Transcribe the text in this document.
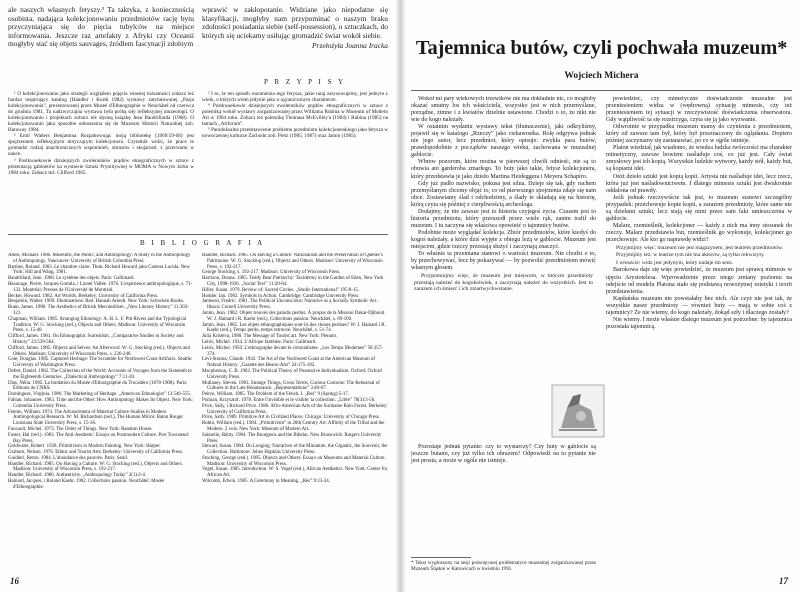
ale naszych własnych fetyszy.³ Ta taktyka, z koniecznością osobista, nadająca kolekcjonowaniu przedmiotów rację bytu przyczyniająca się do pięcia tubylców na miejsce informowania. Jeszcze raz artefakty z Afryki czy Oceanii mogłyby stać się objets sauvages, źródłem fascynacji zdolnym

wprawić w zakłopotanie. Widziane jako niepodatne się klasyfikacji, mogłyby nam przypominać o naszym braku zdolności posiadania siebie (self-possession), o sztuczkach, do których się uciekamy usiłując gromadzić świat wokół siebie.

Przełożyła Joanna Iracka

P R Z Y P I S Y

¹ O kolekcjonowaniu jako strategii względem pojęcia własnej tożsamości zobacz też bardzo inspirujący katalog (Handler i Kurth 1982) wystawy zatytułowanej „Pasja kolekcjonowania”, prezentowanej przez Museé d'Ethnographie w Neuchâtel od czerwca do grudnia 1981. Ta nadzwyczajna wystawa była próbą siły refleksyjnej muzeologii. O kolekcjonowaniu i projektach zobacz też słynną książkę Jean Baudrillarda (1968). O kolekcjonowaniu jako sposobie odnoszenia się do Muzeum Historii Naturalnej zob. Haraway 1984.

² Emil Walters Benjamina Rozpakowując moją bibliotekę (1969:59-68) jest spojrzeniem refleksyjnym dotyczącym kolekcjonera. Czytelnik widzi, że prace te gromadzi rodzaj anachronicznych wspomnień, obrazów i skojarzeń, z przerwami w nauce.

³ Postkwaekowie dzisiejszych zwolenników prądów etnograficznych w sztuce z prezentacją gabinetów na wystawie Sztuki Prymitywnej w MOMA w Nowym Jorku w 1984 roku. Zobacz też: Clifford 1985.

³ I to, że ten sposób rozumienia tego fetysza, jakie tutaj zarysowujemy, jest jednym z wielu, o których wiem jedynie jako o ograniczonym charakterze.

⁴ Postkwaekowie dzisiejszych zwolenników prądów etnograficznych w sztuce z polemiką wokół wystawy zorganizowanej przez Williama Rubina w Museum of Modern Art w 1984 roku. Zobacz też polemikę Thomasa McEvilley'a (1984) i Rubina (1985) na łamach „Artforum”.

⁵ Paradoksalne przedstawienie problemu przedmiotu kolekcjonerskiego jako fetysza w nowoczesnej kulturze Zachodu zob. Pietz (1985, 1987) oraz Jamin (1985).

B I B L I O G R A F I A

Ames, Michael. 1986. Museums, the Public, and Anthropology: A Study in the Anthropology of Anthropology. Vancouver: University of British Columbia Press.

Barthes, Roland. 1983. Le chambre claire. Tłum. Richard Howard jako Camera Lucida. New York: Hill and Wang, 1981.

Baudrillard, Jean. 1968. Le système des objets. Paris: Gallimard.

Beaucage, Pierre, Jacques Gomila, i Lionel Vallée. 1976. L'expérience anthropologique, s. 71-133. Montréal: Presses de l'Université de Montréal.

Becker, Howard. 1982. Art Worlds. Berkeley: University of California Press.

Benjamin, Walter. 1969. Illuminations. Red. Hannah Arendt. New York: Schocken Books.

Bunn, James. 1980. The Aesthetics of British Mercantilism. „New Literary History” 11:303-321.

Chapman, William. 1985. Arranging Ethnology: A. H. L. F. Pitt Rivers and the Typological Tradition. W: G. Stocking (red.), Objects and Others. Madison: University of Wisconsin Press, s. 15-48.

Clifford, James. 1981. On Ethnographic Surrealism. „Comparative Studies in Society and History” 23:539-564.

Clifford, James. 1985. Objects and Selves: An Afterword. W: G. Stocking (red.), Objects and Others. Madison: University of Wisconsin Press, s. 236-246.

Cole, Douglas. 1985. Captured Heritage: The Scramble for Northwest Coast Artifacts. Seattle: University of Washington Press.

Defert, Daniel. 1982. The Collection of the World: Accounts of Voyages from the Sixteenth to the Eighteenth Centuries. „Dialectical Anthropology” 7:11-20.

Dias, Nélia. 1985. La fondation du Musée d'Ethnographie du Trocadéro (1878-1908). Paris: Éditions du CNRS.

Dominguez, Virginia. 1986. The Marketing of Heritage. „American Ethnologist” 13:546-555.

Fabian, Johannes. 1983. Time and the Other: How Anthropology Makes Its Object. New York: Columbia University Press.

Fenton, William. 1974. The Advancement of Material Culture Studies in Modern Anthropological Research. W: M. Richardson (red.), The Human Mirror. Baton Rouge: Louisiana State University Press, s. 15-36.

Foucault, Michel. 1973. The Order of Things. New York: Random House.

Foster, Hal (red.). 1983. The Anti-Aesthetic: Essays on Postmodern Culture. Port Townsend: Bay Press.

Goldwater, Robert. 1938. Primitivism in Modern Painting. New York: Harper.

Graburn, Nelson. 1976. Ethnic and Tourist Arts. Berkeley: University of California Press.

Guidieri, Remo. 1984. L'abondance des pauvres. Paris: Seuil.

Handler, Richard. 1985. On Having a Culture. W: G. Stocking (red.), Objects and Others. Madison: University of Wisconsin Press, s. 192-217.

Handler, Richard. 1986. Authenticity. „Anthropology Today” 2(1):2-4.

Hainard, Jacques, i Roland Kaehr. 1982. Collections passion. Neuchâtel: Musée d'Ethnographie.

Handler, Richard. 1985. On Having a Culture: Nationalism and the Preservation of Quebec's Patrimoine. W: G. Stocking (red.), Objects and Others. Madison: University of Wisconsin Press, s. 192-217.

George Stocking, s. 192-217. Madison: University of Wisconsin Press.

Harrison, Donna. 1985. Teddy Bear Patriarchy: Taxidermy in the Garden of Eden, New York City, 1908-1936. „Social Text” 11:20-64.

Hiller, Susan. 1979. Review of: Sacred Circles. „Studio International” 195:8-15.

Hodder, Ian. 1982. Symbols in Action. Cambridge: Cambridge University Press.

Jameson, Fredric. 1981. The Political Unconscious: Narrative as a Socially Symbolic Act. Ithaca: Cornell University Press.

Jamin, Jean. 1982. Objets trouvés des paradis perdus: À propos de la Mission Dakar-Djibouti. W: J. Hainard i R. Kaehr (red.), Collections passion. Neuchâtel, s. 69-100.

Jamin, Jean. 1985. Les objets ethnographiques sont-ils des choses perdues? W: J. Hainard i R. Kaehr (red.), Temps perdu, temps retrouvé. Neuchâtel, s. 51-74.

Julia Kristeva, 1980. The Message of Tourist art. New York: Plenum.

Leiris, Michel. 1934. L'Afrique fantôme. Paris: Gallimard.

Leiris, Michel. 1950. L'ethnographe devant le colonialisme. „Les Temps Modernes” 58:357-374.

Lévi-Strauss, Claude. 1943. The Art of the Northwest Coast at the American Museum of Natural History. „Gazette des Beaux-Arts” 24:175-182.

Macpherson, C. B. 1962. The Political Theory of Possessive Individualism. Oxford: Oxford University Press.

Mullaney, Steven. 1983. Strange Things, Gross Terms, Curious Customs: The Rehearsal of Cultures in the Late Renaissance. „Representations” 3:40-67.

Peirce, William. 1985. The Problem of the Fetish, I. „Res” 9 (Spring):5-17.

Pomian, Krzysztof. 1978. Entre l'invisible et le visible: la collection. „Libre” 78(3):3-56.

Price, Sally, i Richard Price. 1980. Afro-American Arts of the Suriname Rain Forest. Berkeley: University of California Press.

Price, Sally. 1989. Primitive Art in Civilized Places. Chicago: University of Chicago Press.

Rubin, William (red.). 1984. „Primitivism” in 20th Century Art: Affinity of the Tribal and the Modern. 2 vols. New York: Museum of Modern Art.

Saisselin, Rémy. 1984. The Bourgeois and the Bibelot. New Brunswick: Rutgers University Press.

Stewart, Susan. 1984. On Longing: Narratives of the Miniature, the Gigantic, the Souvenir, the Collection. Baltimore: Johns Hopkins University Press.

Stocking, George (red.). 1985. Objects and Others: Essays on Museums and Material Culture. Madison: University of Wisconsin Press.

Vogel, Susan. 1985. Introduction. W: S. Vogel (red.), African Aesthetics. New York: Center for African Art.

Wilcomb, Edwin. 1985. A Ceremony to Meaning. „Res” 9:33-34.

16
Tajemnica butów, czyli pochwała muzeum*
Wojciech Michera

Wokół mi pary wiekowych trzewików nie ma dokładnie nic, co mogłoby okazać smutny los ich właściciela, wszystko jest w nich przemyślane, porządne, zimne i z kwiatów dzielnie ustawione. Chodzi o to, że nikt nie wie do kogo należały.

W ostatnim wydaniu wystawy tekst (tłumaczenie), jaki odkryliśmy, pojawił się w katalogu „Rzeczy” jako ciekawostka. Rolę odgrywa jednak nie jego autor, lecz przedmiot, który opisuje: zwykła para butów, prawdopodobnie z początków naszego wieku, zachowana w muzealnej gablocie.

Wbrew pozorom, które można w pierwszej chwili odnieść, nie są to obuwia ani garderoba zmarłego. To buty jako takie, fetysz kolekcjonera, który przedstawia je jako dzieło Martina Heideggera i Meyera Schapiro.

Gdy już padło nazwisko, pokusa jest silna. Dzieje się tak, gdy ruchem przemyślanym chcemy objąć to, co od pierwszego spojrzenia zdaje się nam obce. Zostawiamy ślad i odchodzimy, a ślady te składają się na historię, którą czyta się później z cierpliwością archeologa.

Dodajmy, że nie zawsze jest to historia czyjegoś życia. Czasem jest to historia przedmiotu, który przeszedł przez wiele rąk, zanim trafił do muzeum. I tu zaczyna się właściwa opowieść o tajemnicy butów.

Podobnie może wyglądać kolekcja. Zbiór przedmiotów, które kiedyś do kogoś należały, a które dziś wyjęte z obiegu leżą w gablocie. Muzeum jest miejscem, gdzie rzeczy przestają służyć i zaczynają znaczyć.

To właśnie ta przemiana stanowi o wartości muzeum. Nie chodzi o to, by przechowywać, lecz by pokazywać — by pozwolić przedmiotom mówić własnym głosem.

Przypomnijmy więc, że muzeum jest miejscem, w którym przedmioty przestają należeć do kogokolwiek, a zaczynają należeć do wszystkich. Jest to zarazem ich śmierć i ich zmartwychwstanie.

Pozostaje jednak pytanie: czy to wystarczy? Czy buty w gablocie są jeszcze butami, czy już tylko ich obrazem? Odpowiedź na to pytanie nie jest prosta, a może w ogóle nie istnieje.

* Tekst wygłoszony na sesji poświęconej problematyce muzealnej zorganizowanej przez Muzeum Śląskie w Katowicach w kwietniu 1991.

powiedzieć, czy mimetyczne doświadczenie muzealne jest przeniesieniem widza w (wędrowną) sytuację mimesis, czy też przeniesieniem tej sytuacji w rzeczywistość doświadczenia obserwatora. Gdy wątpliwość ta się rozstrzyga, czyta się ją jako wyzwanie.

Odwrotnie w przypadku muzeum mamy do czynienia z przedmiotem, który od zawsze tam był, który był przeznaczony do oglądania. Dopiero później zaczynamy się zastanawiać, po co w ogóle istnieje.

Platon wiedział, jak wiadomo, że wiedza ludzka twórczości ma charakter mimetyczny, zawsze bowiem naśladuje coś, co już jest. Cały świat zmysłowy jest ich kopią. Wszystkie ludzkie wytwory, każdy stół, każdy but, są kopiami idei.

Otóż dzieło sztuki jest kopią kopii. Artysta nie naśladuje idei, lecz rzecz, która już jest naśladownictwem. I dlatego mimesis sztuki jest dwukrotnie oddalona od prawdy.

Jeśli jednak rzeczywiście tak jest, to muzeum stanowi szczególny przypadek: przechowuje kopie kopii, a zarazem przedmioty, które same nie są dziełami sztuki, lecz stają się nimi przez sam fakt umieszczenia w gablocie.

Malarz, rzemieślnik, kolekcjoner — każdy z nich ma inny stosunek do rzeczy. Malarz przedstawia but, rzemieślnik go wykonuje, kolekcjoner go przechowuje. Ale kto go naprawdę widzi?

Przyjmijmy więc: muzeum nie jest magazynem, jest teatrem przedmiotów.

Przyjmijmy też: w teatrze tym nie ma aktorów, są tylko rekwizyty.

I wreszcie: widz jest jedynym, który nadaje im sens.

Barokowa daje się więc powiedzieć, że muzeum jest sprawą mimesis w ujęciu Arystotelesa. Wprowadzenie przez niego zmiany poziomu na odejście od modelu Platona stało się podstawą nowożytnej estetyki i teorii przedstawienia.

Kapłańska muzeum nie powstałaby bez nich. Ale czyż nie jest tak, że wszystkie nasze przedmioty — również buty — mają w sobie coś z tajemnicy? Że nie wiemy, do kogo należały, dokąd szły i dlaczego zostały?

Nie wiemy. I może właśnie dlatego muzeum jest potrzebne: by tajemnica pozostała tajemnicą.

17
